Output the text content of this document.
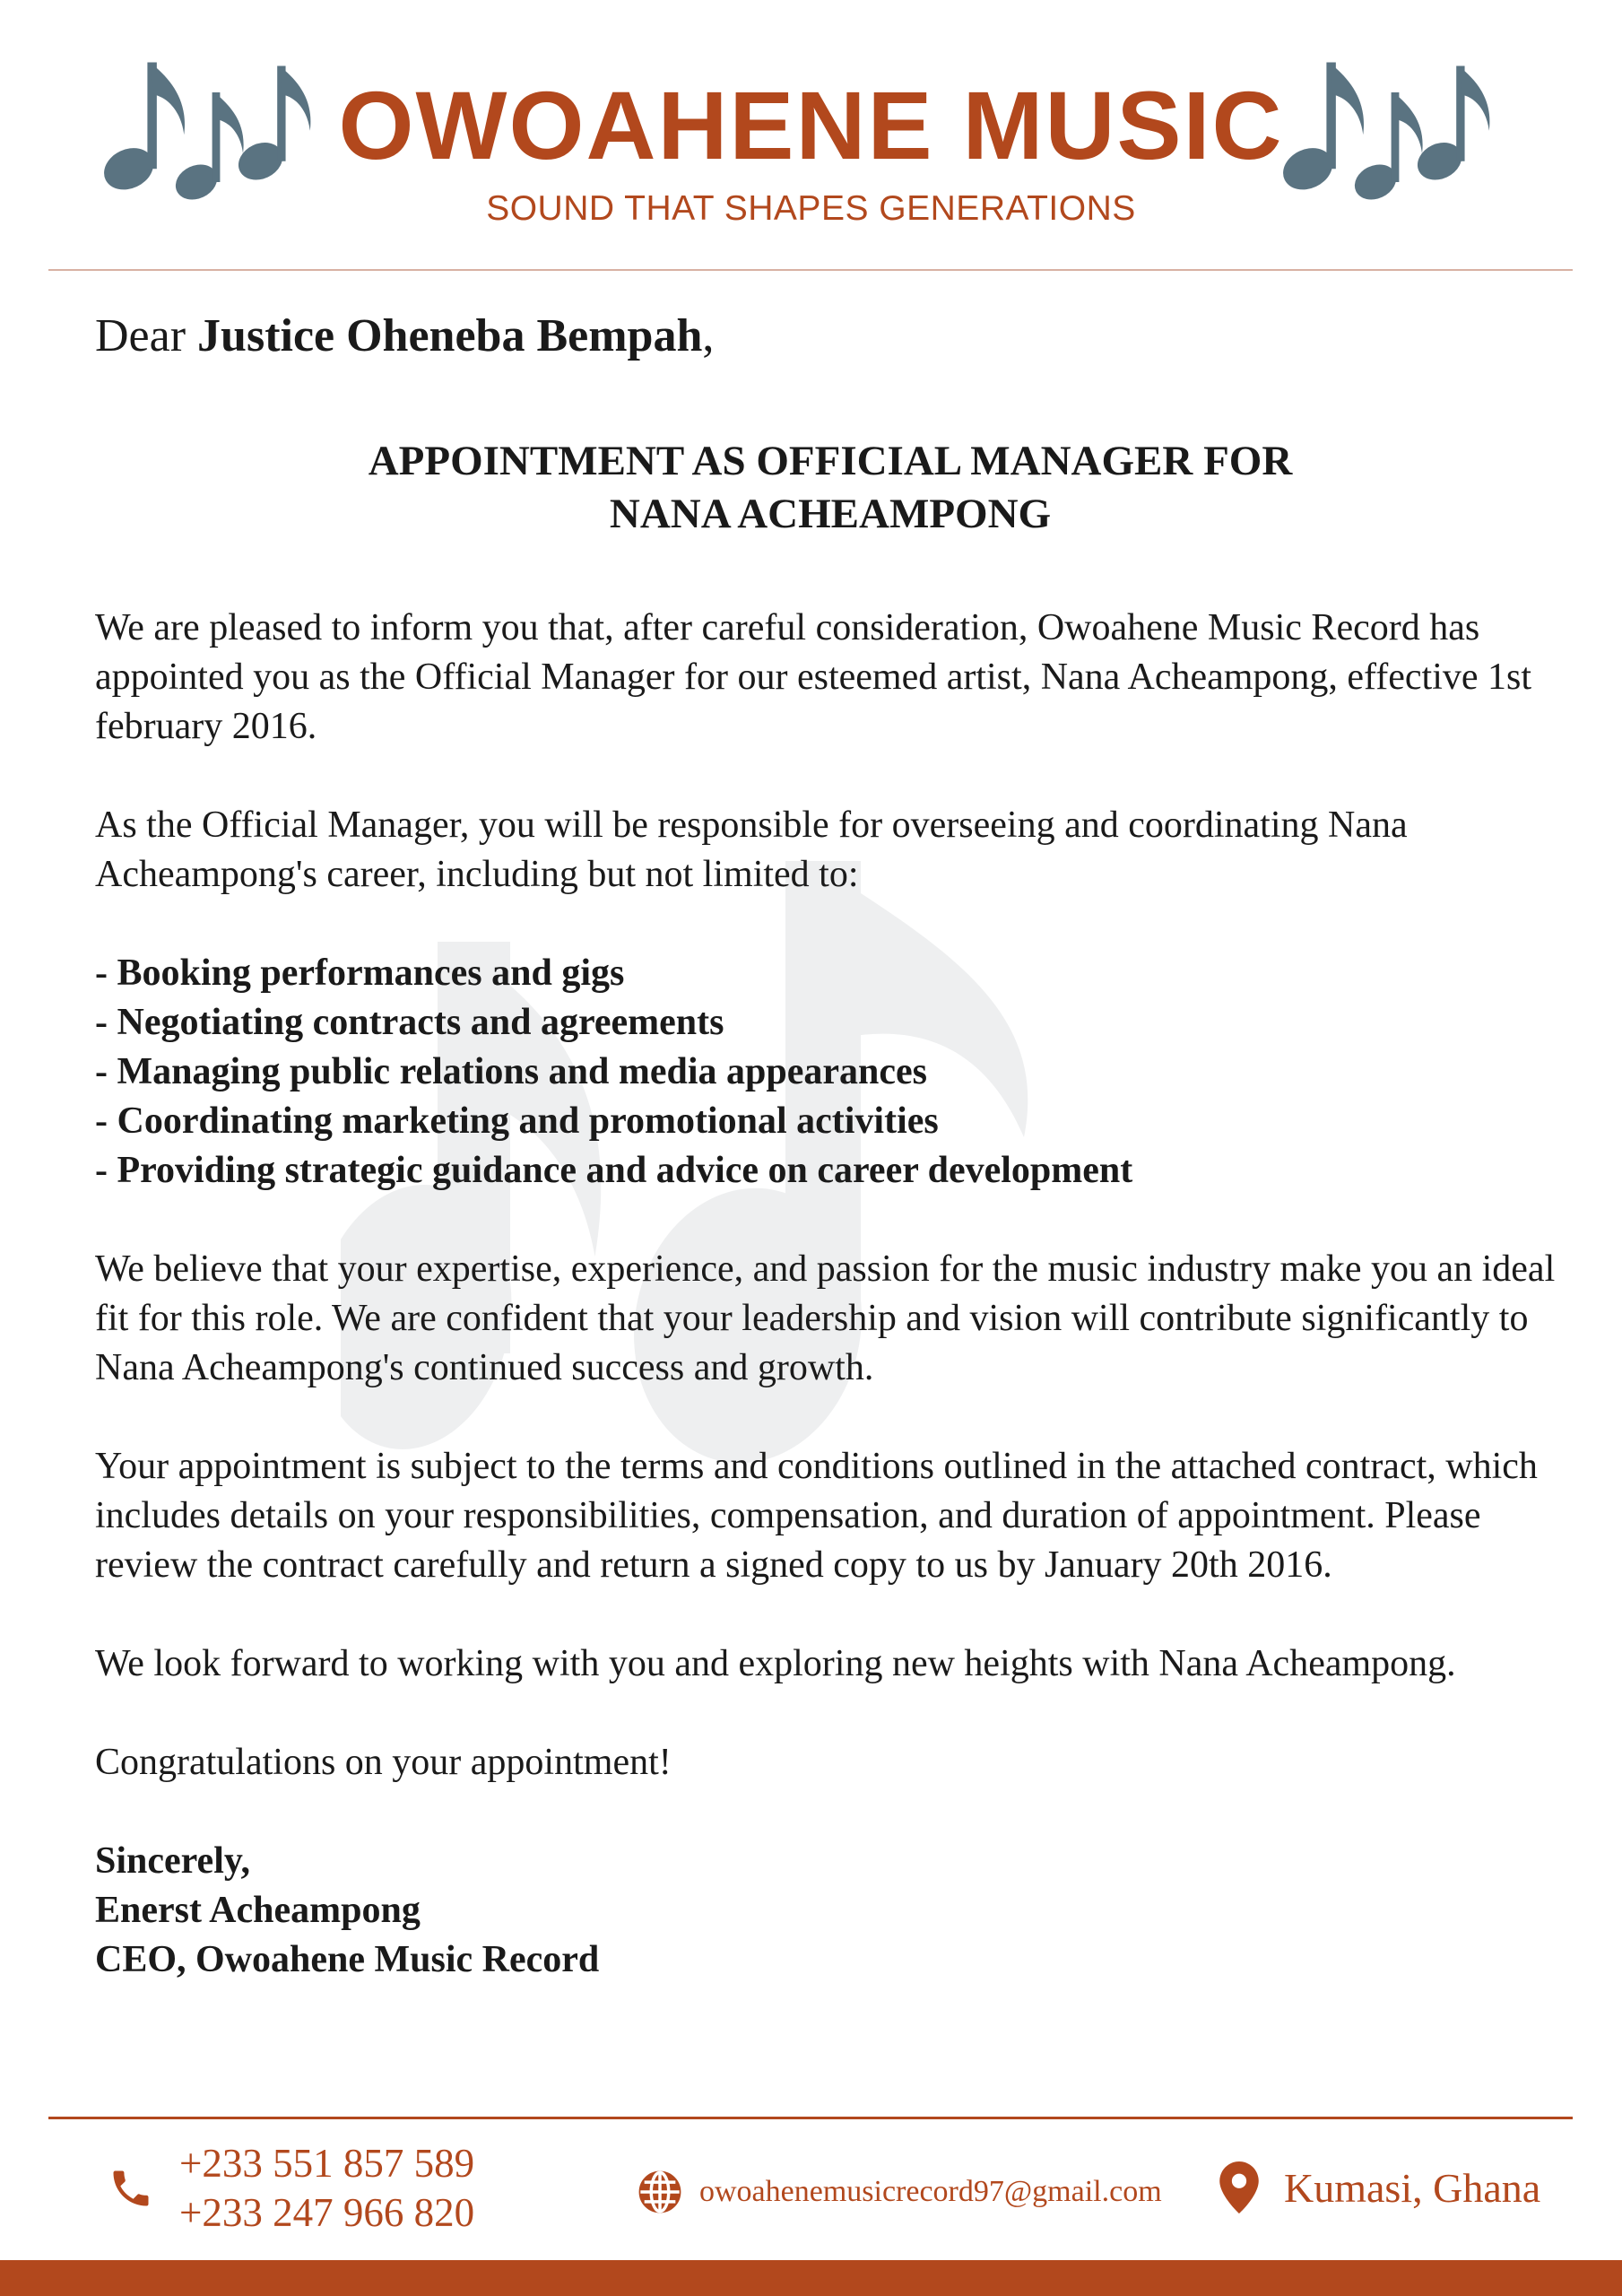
OWOAHENE MUSIC
SOUND THAT SHAPES GENERATIONS

Dear Justice Oheneba Bempah,

APPOINTMENT AS OFFICIAL MANAGER FOR
NANA ACHEAMPONG

We are pleased to inform you that, after careful consideration, Owoahene Music Record has appointed you as the Official Manager for our esteemed artist, Nana Acheampong, effective 1st february 2016.

As the Official Manager, you will be responsible for overseeing and coordinating Nana Acheampong's career, including but not limited to:

- Booking performances and gigs
- Negotiating contracts and agreements
- Managing public relations and media appearances
- Coordinating marketing and promotional activities
- Providing strategic guidance and advice on career development

We believe that your expertise, experience, and passion for the music industry make you an ideal fit for this role. We are confident that your leadership and vision will contribute significantly to Nana Acheampong's continued success and growth.

Your appointment is subject to the terms and conditions outlined in the attached contract, which includes details on your responsibilities, compensation, and duration of appointment. Please review the contract carefully and return a signed copy to us by January 20th 2016.

We look forward to working with you and exploring new heights with Nana Acheampong.

Congratulations on your appointment!

Sincerely,
Enerst Acheampong
CEO, Owoahene Music Record

+233 551 857 589
+233 247 966 820	owoahenemusicrecord97@gmail.com	Kumasi, Ghana
